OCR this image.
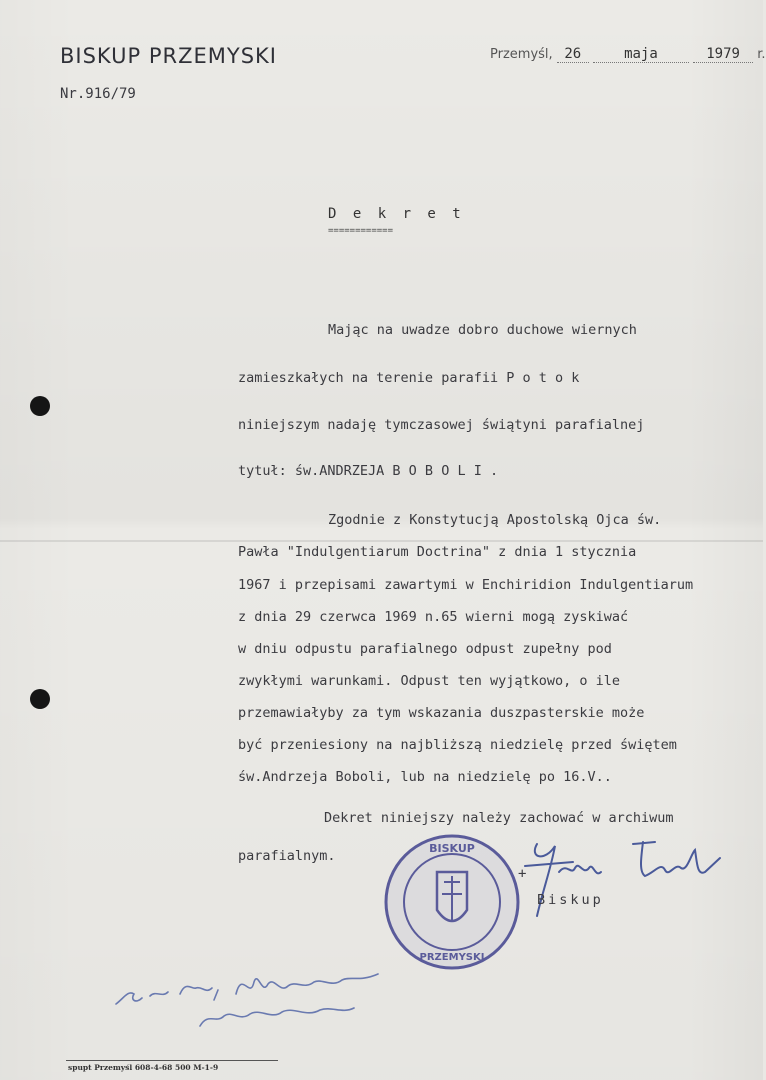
BISKUP PRZEMYSKI
Nr.916/79
Przemyśl, 26	maja	1979 r.
D e k r e t
============
Mając na uwadze dobro duchowe wiernych
zamieszkałych na terenie parafii P o t o k
niniejszym nadaję tymczasowej świątyni parafialnej
tytuł: św.ANDRZEJA B O B O L I .
Zgodnie z Konstytucją Apostolską Ojca św.
Pawła "Indulgentiarum Doctrina" z dnia 1 stycznia
1967 i przepisami zawartymi w Enchiridion Indulgentiarum
z dnia 29 czerwca 1969 n.65 wierni mogą zyskiwać
w dniu odpustu parafialnego odpust zupełny pod
zwykłymi warunkami. Odpust ten wyjątkowo, o ile
przemawiałyby za tym wskazania duszpasterskie może
być przeniesiony na najbliższą niedzielę przed świętem
św.Andrzeja Boboli, lub na niedzielę po 16.V..
Dekret niniejszy należy zachować w archiwum
parafialnym.	BISKUP
PRZEMYSKI
+
Biskup
spupt Przemyśl 608-4-68 500 M-1-9
